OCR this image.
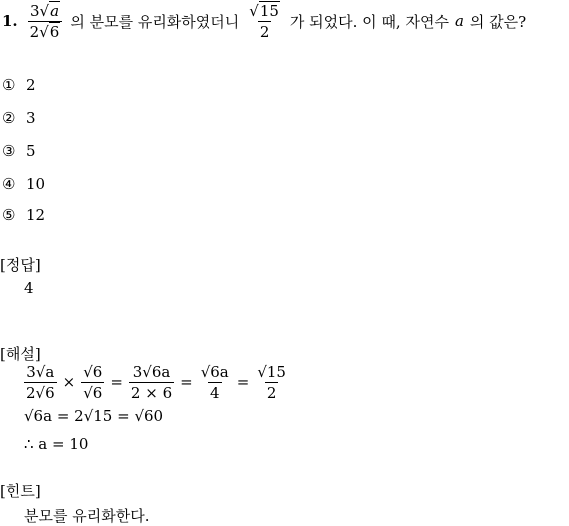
1. $\frac{3√a}{2√6}$ 의 분모를 유리화하였더니 $\frac{√15}{2}$ 가 되었다. 이 때, 자연수 a 의 값은?
① 2
② 3
③ 5
④ 10
⑤ 12
[정답]
4
[해설]
$\frac{3√a}{2√6} \times \frac{√6}{√6} = \frac{3√6a}{2 \times 6} = \frac{√6a}{4} = \frac{√15}{2}$
√6a = 2√15 = √60
∴ a = 10
[힌트]
분모를 유리화한다.
